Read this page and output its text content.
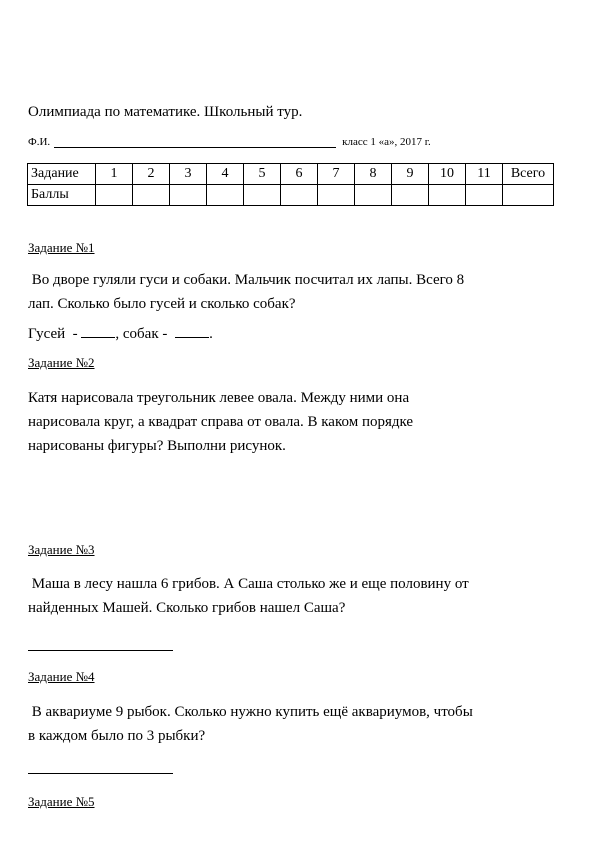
Олимпиада по математике. Школьный тур.
Ф.И.	класс 1 «а», 2017 г.
Задание	1	2	3	4	5	6	7	8	9	10	11	Всего
Баллы												
Задание №1
Во дворе гуляли гуси и собаки. Мальчик посчитал их лапы. Всего 8
лап. Сколько было гусей и сколько собак?
Гусей  - , собак -	.
Задание №2
Катя нарисовала треугольник левее овала. Между ними она
нарисовала круг, а квадрат справа от овала. В каком порядке
нарисованы фигуры? Выполни рисунок.
Задание №3
Маша в лесу нашла 6 грибов. А Саша столько же и еще половину от
найденных Машей. Сколько грибов нашел Саша?
Задание №4
В аквариуме 9 рыбок. Сколько нужно купить ещё аквариумов, чтобы
в каждом было по 3 рыбки?
Задание №5
